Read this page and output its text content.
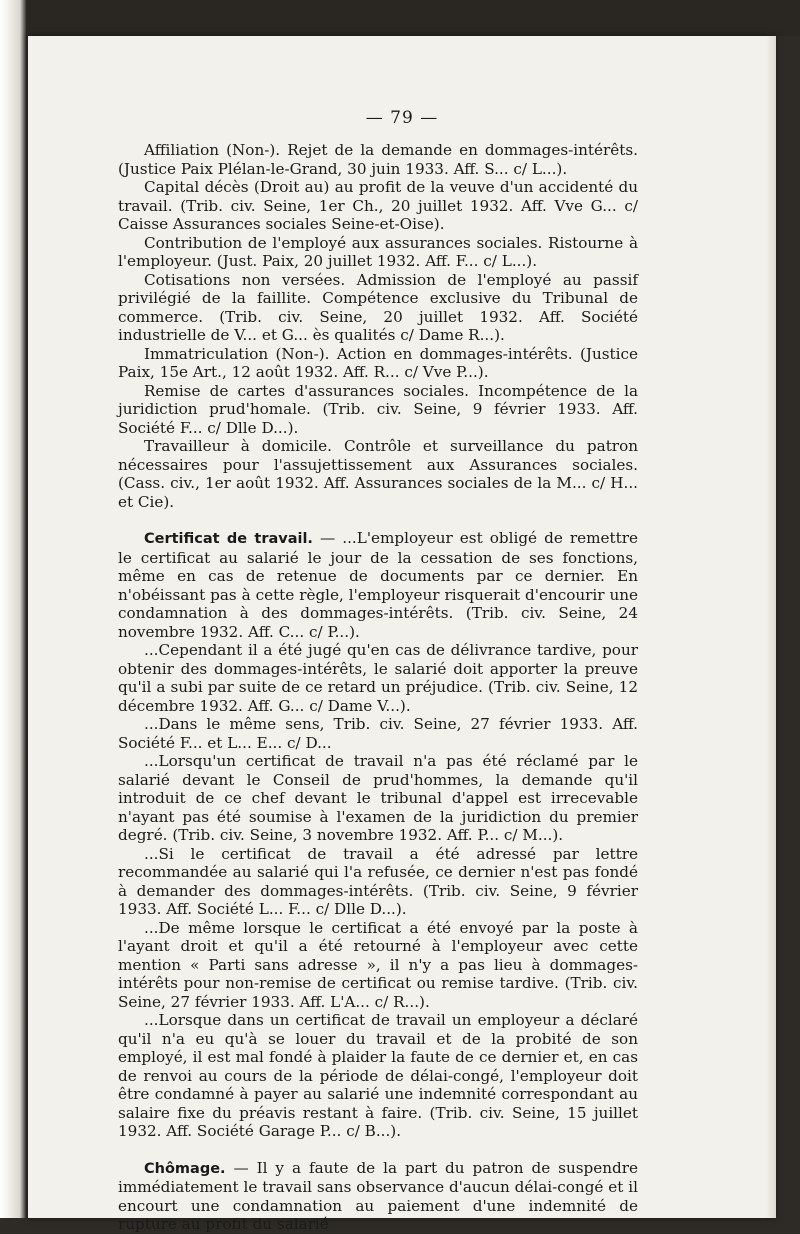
— 79 —

Affiliation (Non-). Rejet de la demande en dommages-intérêts. (Justice Paix Plélan-le-Grand, 30 juin 1933. Aff. S... c/ L...).

Capital décès (Droit au) au profit de la veuve d'un accidenté du travail. (Trib. civ. Seine, 1er Ch., 20 juillet 1932. Aff. Vve G... c/ Caisse Assurances sociales Seine-et-Oise).

Contribution de l'employé aux assurances sociales. Ristourne à l'employeur. (Just. Paix, 20 juillet 1932. Aff. F... c/ L...).

Cotisations non versées. Admission de l'employé au passif privilégié de la faillite. Compétence exclusive du Tribunal de commerce. (Trib. civ. Seine, 20 juillet 1932. Aff. Société industrielle de V... et G... ès qualités c/ Dame R...).

Immatriculation (Non-). Action en dommages-intérêts. (Justice Paix, 15e Art., 12 août 1932. Aff. R... c/ Vve P...).

Remise de cartes d'assurances sociales. Incompétence de la juridiction prud'homale. (Trib. civ. Seine, 9 février 1933. Aff. Société F... c/ Dlle D...).

Travailleur à domicile. Contrôle et surveillance du patron nécessaires pour l'assujettissement aux Assurances sociales. (Cass. civ., 1er août 1932. Aff. Assurances sociales de la M... c/ H... et Cie).

Certificat de travail. — ...L'employeur est obligé de remettre le certificat au salarié le jour de la cessation de ses fonctions, même en cas de retenue de documents par ce dernier. En n'obéissant pas à cette règle, l'employeur risquerait d'encourir une condamnation à des dommages-intérêts. (Trib. civ. Seine, 24 novembre 1932. Aff. C... c/ P...).

...Cependant il a été jugé qu'en cas de délivrance tardive, pour obtenir des dommages-intérêts, le salarié doit apporter la preuve qu'il a subi par suite de ce retard un préjudice. (Trib. civ. Seine, 12 décembre 1932. Aff. G... c/ Dame V...).

...Dans le même sens, Trib. civ. Seine, 27 février 1933. Aff. Société F... et L... E... c/ D...

...Lorsqu'un certificat de travail n'a pas été réclamé par le salarié devant le Conseil de prud'hommes, la demande qu'il introduit de ce chef devant le tribunal d'appel est irrecevable n'ayant pas été soumise à l'examen de la juridiction du premier degré. (Trib. civ. Seine, 3 novembre 1932. Aff. P... c/ M...).

...Si le certificat de travail a été adressé par lettre recommandée au salarié qui l'a refusée, ce dernier n'est pas fondé à demander des dommages-intérêts. (Trib. civ. Seine, 9 février 1933. Aff. Société L... F... c/ Dlle D...).

...De même lorsque le certificat a été envoyé par la poste à l'ayant droit et qu'il a été retourné à l'employeur avec cette mention « Parti sans adresse », il n'y a pas lieu à dommages-intérêts pour non-remise de certificat ou remise tardive. (Trib. civ. Seine, 27 février 1933. Aff. L'A... c/ R...).

...Lorsque dans un certificat de travail un employeur a déclaré qu'il n'a eu qu'à se louer du travail et de la probité de son employé, il est mal fondé à plaider la faute de ce dernier et, en cas de renvoi au cours de la période de délai-congé, l'employeur doit être condamné à payer au salarié une indemnité correspondant au salaire fixe du préavis restant à faire. (Trib. civ. Seine, 15 juillet 1932. Aff. Société Garage P... c/ B...).

Chômage. — Il y a faute de la part du patron de suspendre immédiatement le travail sans observance d'aucun délai-congé et il encourt une condamnation au paiement d'une indemnité de rupture au profit du salarié
